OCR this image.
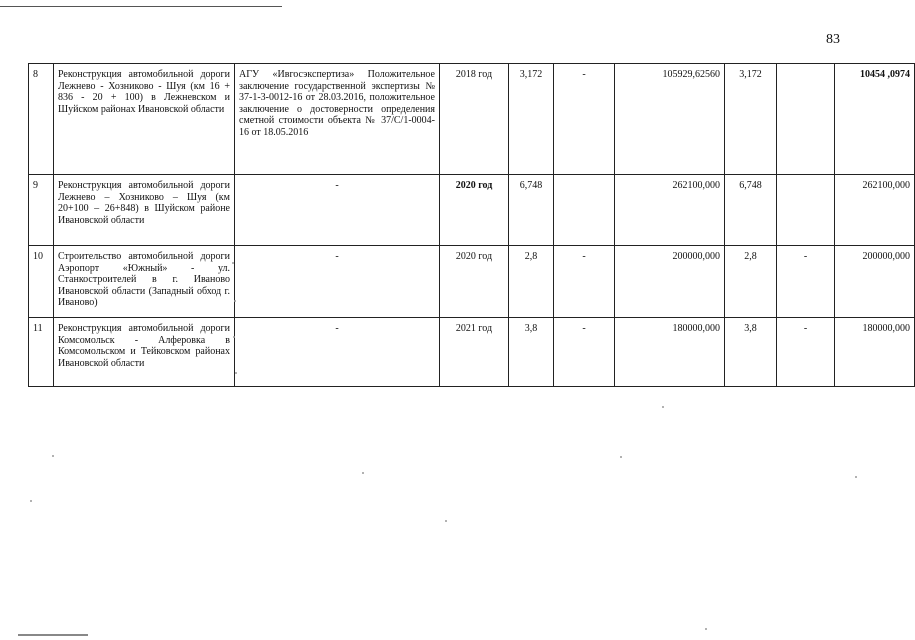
83
8	Реконструкция автомобильной дороги Лежнево - Хозниково - Шуя (км 16 + 836 - 20 + 100) в Лежневском и Шуйском районах Ивановской области	АГУ «Ивгосэкспертиза» Положительное заключение государственной экспертизы № 37-1-3-0012-16 от 28.03.2016, положительное заключение о достоверности определения сметной стоимости объекта № 37/С/1-0004-16 от 18.05.2016	2018 год	3,172	-	105929,62560	3,172		10454 ,0974
9	Реконструкция автомобильной дороги Лежнево – Хозниково – Шуя (км 20+100 – 26+848) в Шуйском районе Ивановской области	-	2020 год	6,748		262100,000	6,748		262100,000
10	Строительство автомобильной дороги Аэропорт «Южный» - ул. Станкостроителей в г. Иваново Ивановской области (Западный обход г. Иваново)	-	2020 год	2,8	-	200000,000	2,8	-	200000,000
11	Реконструкция автомобильной дороги Комсомольск - Алферовка в Комсомольском и Тейковском районах Ивановской области	-	2021 год	3,8	-	180000,000	3,8	-	180000,000
